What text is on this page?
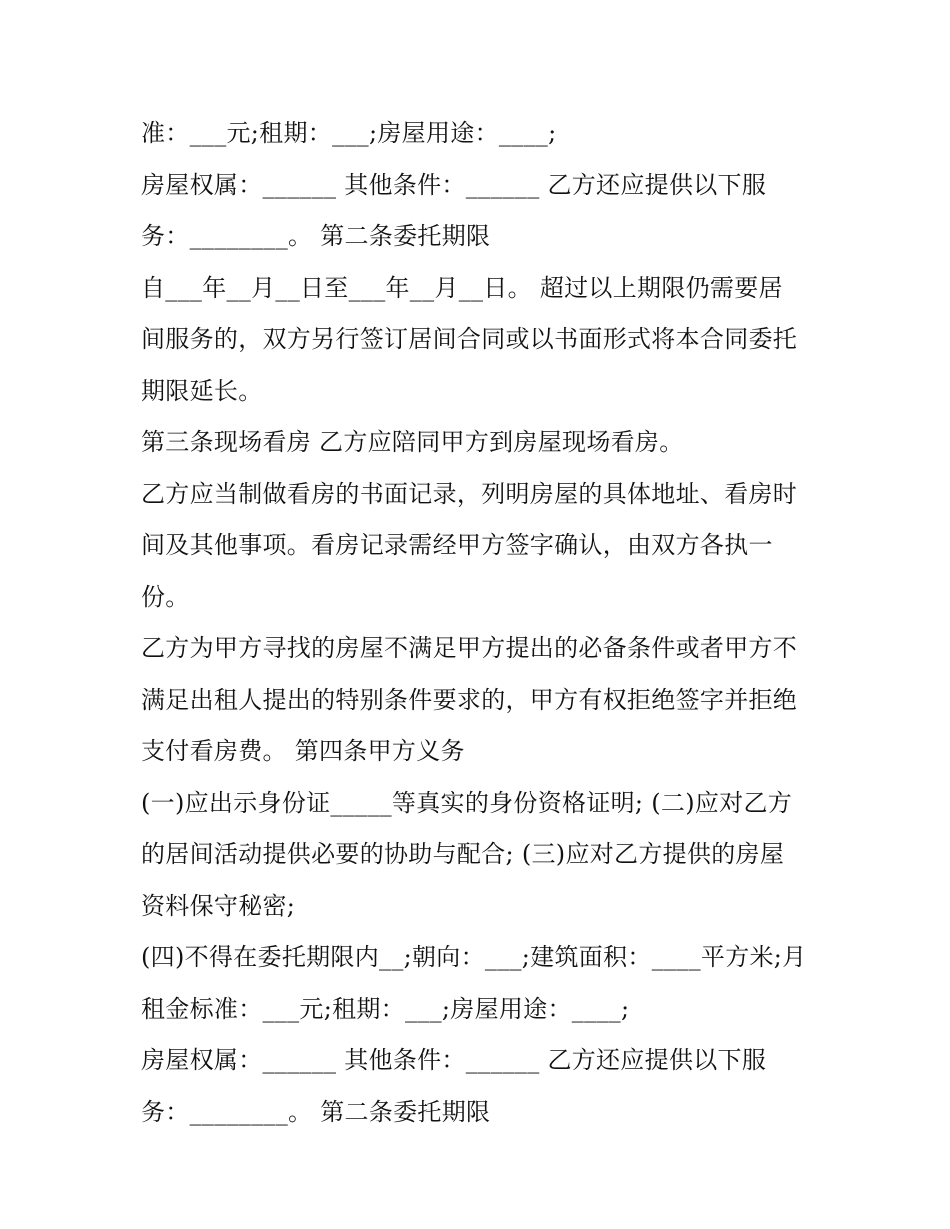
准：___元;租期：___;房屋用途：____;
房屋权属：______ 其他条件：______ 乙方还应提供以下服
务：________。 第二条委托期限
自___年__月__日至___年__月__日。 超过以上期限仍需要居
间服务的，双方另行签订居间合同或以书面形式将本合同委托
期限延长。
第三条现场看房 乙方应陪同甲方到房屋现场看房。
乙方应当制做看房的书面记录，列明房屋的具体地址、看房时
间及其他事项。看房记录需经甲方签字确认，由双方各执一
份。
乙方为甲方寻找的房屋不满足甲方提出的必备条件或者甲方不
满足出租人提出的特别条件要求的，甲方有权拒绝签字并拒绝
支付看房费。 第四条甲方义务
(一)应出示身份证_____等真实的身份资格证明; (二)应对乙方
的居间活动提供必要的协助与配合; (三)应对乙方提供的房屋
资料保守秘密;
(四)不得在委托期限内__;朝向：___;建筑面积：____平方米;月
租金标准：___元;租期：___;房屋用途：____;
房屋权属：______ 其他条件：______ 乙方还应提供以下服
务：________。 第二条委托期限
